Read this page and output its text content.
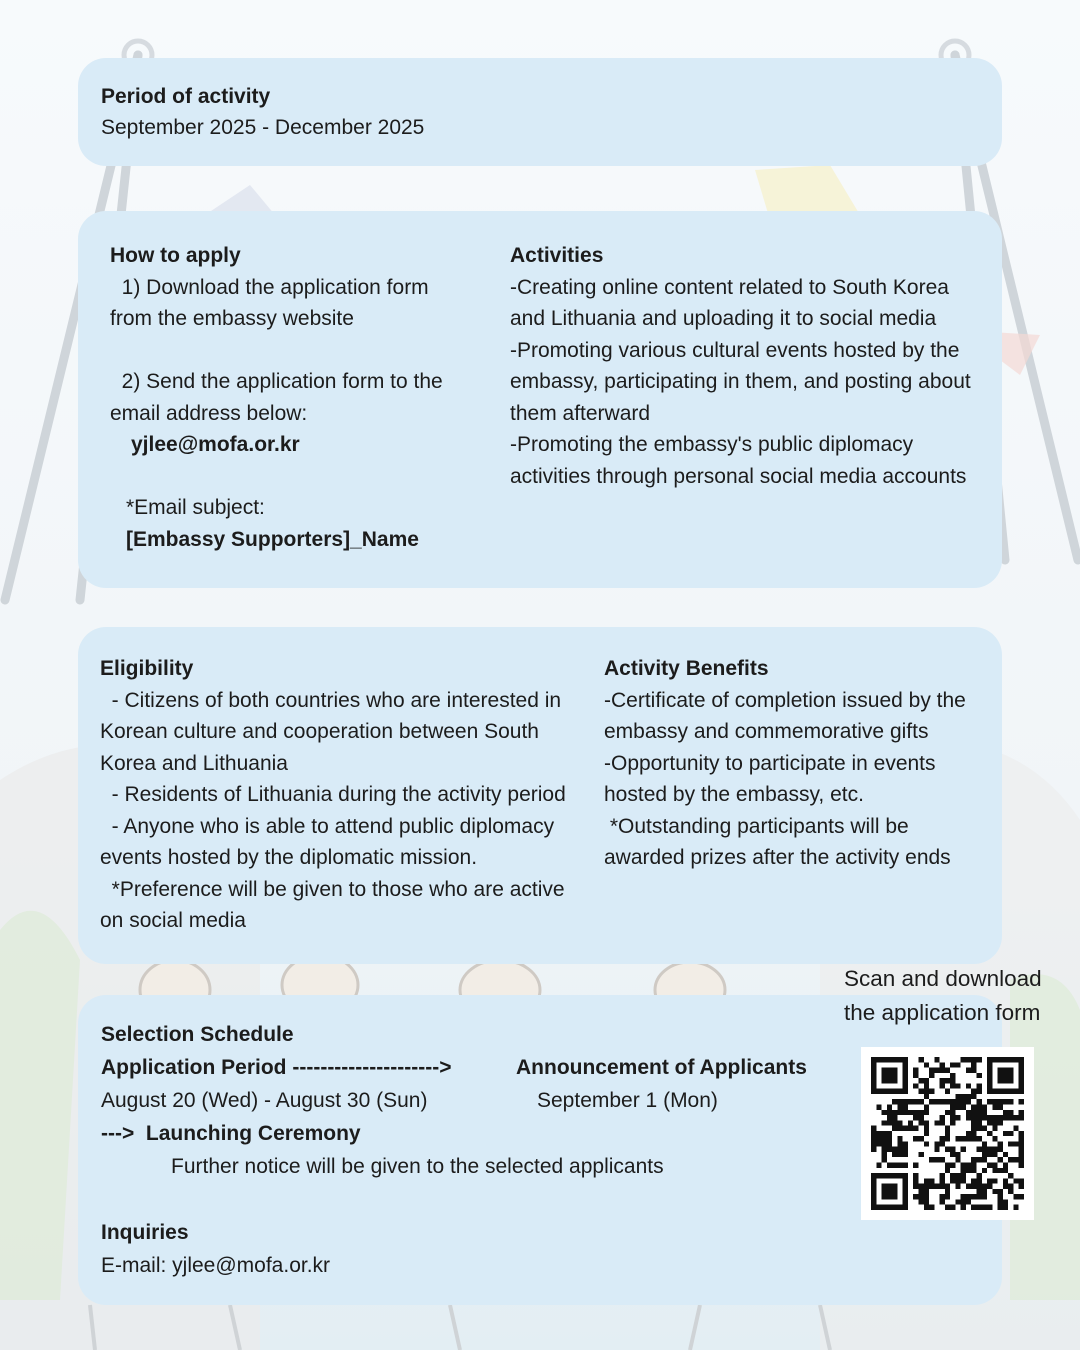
Period of activity
September 2025 - December 2025
How to apply
1) Download the application form
from the embassy website
2) Send the application form to the
email address below:
yjlee@mofa.or.kr
*Email subject:
[Embassy Supporters]_Name
Activities
-Creating online content related to South Korea and Lithuania and uploading it to social media
-Promoting various cultural events hosted by the embassy, participating in them, and posting about them afterward
-Promoting the embassy's public diplomacy activities through personal social media accounts
Eligibility
- Citizens of both countries who are interested in Korean culture and cooperation between South Korea and Lithuania
- Residents of Lithuania during the activity period
- Anyone who is able to attend public diplomacy events hosted by the diplomatic mission.
*Preference will be given to those who are active on social media
Activity Benefits
-Certificate of completion issued by the embassy and commemorative gifts
-Opportunity to participate in events hosted by the embassy, etc.
*Outstanding participants will be awarded prizes after the activity ends
Selection Schedule
Application Period --------------------->	Announcement of Applicants
August 20 (Wed) - August 30 (Sun)	September 1 (Mon)
--->  Launching Ceremony
Further notice will be given to the selected applicants
Inquiries
E-mail: yjlee@mofa.or.kr
Scan and download the application form
